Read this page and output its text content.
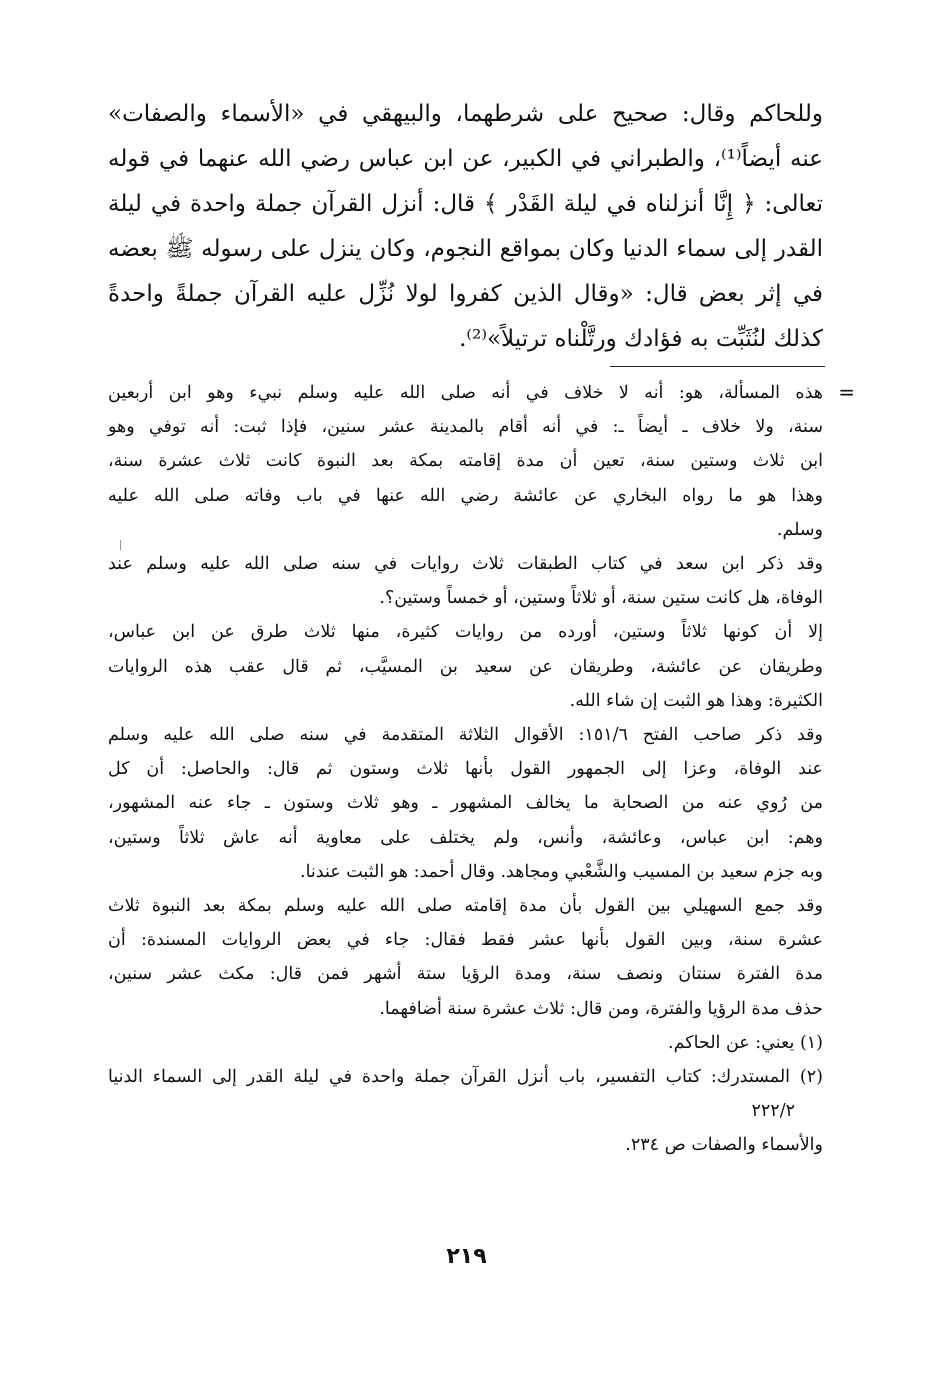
وللحاكم وقال: صحيح على شرطهما، والبيهقي في «الأسماء والصفات»
عنه أيضاً⁽¹⁾، والطبراني في الكبير، عن ابن عباس رضي الله عنهما في قوله
تعالى: ﴿ إِنَّا أنزلناه في ليلة القَدْر ﴾ قال: أنزل القرآن جملة واحدة في ليلة
القدر إلى سماء الدنيا وكان بمواقع النجوم، وكان ينزل على رسوله ﷺ بعضه
في إثر بعض قال: «وقال الذين كفروا لولا نُزِّل عليه القرآن جملةً واحدةً
كذلك لنُثَبِّت به فؤادك ورتَّلْناه ترتيلاً»⁽²⁾.
=
هذه المسألة، هو: أنه لا خلاف في أنه صلى الله عليه وسلم نبيء وهو ابن أربعين
سنة، ولا خلاف ـ أيضاً ـ: في أنه أقام بالمدينة عشر سنين، فإذا ثبت: أنه توفي وهو
ابن ثلاث وستين سنة، تعين أن مدة إقامته بمكة بعد النبوة كانت ثلاث عشرة سنة،
وهذا هو ما رواه البخاري عن عائشة رضي الله عنها في باب وفاته صلى الله عليه
وسلم.
وقد ذكر ابن سعد في كتاب الطبقات ثلاث روايات في سنه صلى الله عليه وسلم عند
الوفاة، هل كانت ستين سنة، أو ثلاثاً وستين، أو خمساً وستين؟.
إلا أن كونها ثلاثاً وستين، أورده من روايات كثيرة، منها ثلاث طرق عن ابن عباس،
وطريقان عن عائشة، وطريقان عن سعيد بن المسيَّب، ثم قال عقب هذه الروايات
الكثيرة: وهذا هو الثبت إن شاء الله.
وقد ذكر صاحب الفتح ١٥١/٦: الأقوال الثلاثة المتقدمة في سنه صلى الله عليه وسلم
عند الوفاة، وعزا إلى الجمهور القول بأنها ثلاث وستون ثم قال: والحاصل: أن كل
من رُوي عنه من الصحابة ما يخالف المشهور ـ وهو ثلاث وستون ـ جاء عنه المشهور،
وهم: ابن عباس، وعائشة، وأنس، ولم يختلف على معاوية أنه عاش ثلاثاً وستين،
وبه جزم سعيد بن المسيب والشَّعْبي ومجاهد. وقال أحمد: هو الثبت عندنا.
وقد جمع السهيلي بين القول بأن مدة إقامته صلى الله عليه وسلم بمكة بعد النبوة ثلاث
عشرة سنة، وبين القول بأنها عشر فقط فقال: جاء في بعض الروايات المسندة: أن
مدة الفترة سنتان ونصف سنة، ومدة الرؤيا ستة أشهر فمن قال: مكث عشر سنين،
حذف مدة الرؤيا والفترة، ومن قال: ثلاث عشرة سنة أضافهما.
(١) يعني: عن الحاكم.
(٢) المستدرك: كتاب التفسير، باب أنزل القرآن جملة واحدة في ليلة القدر إلى السماء الدنيا
٢٢٢/٢
والأسماء والصفات ص ٢٣٤.
٢١٩
